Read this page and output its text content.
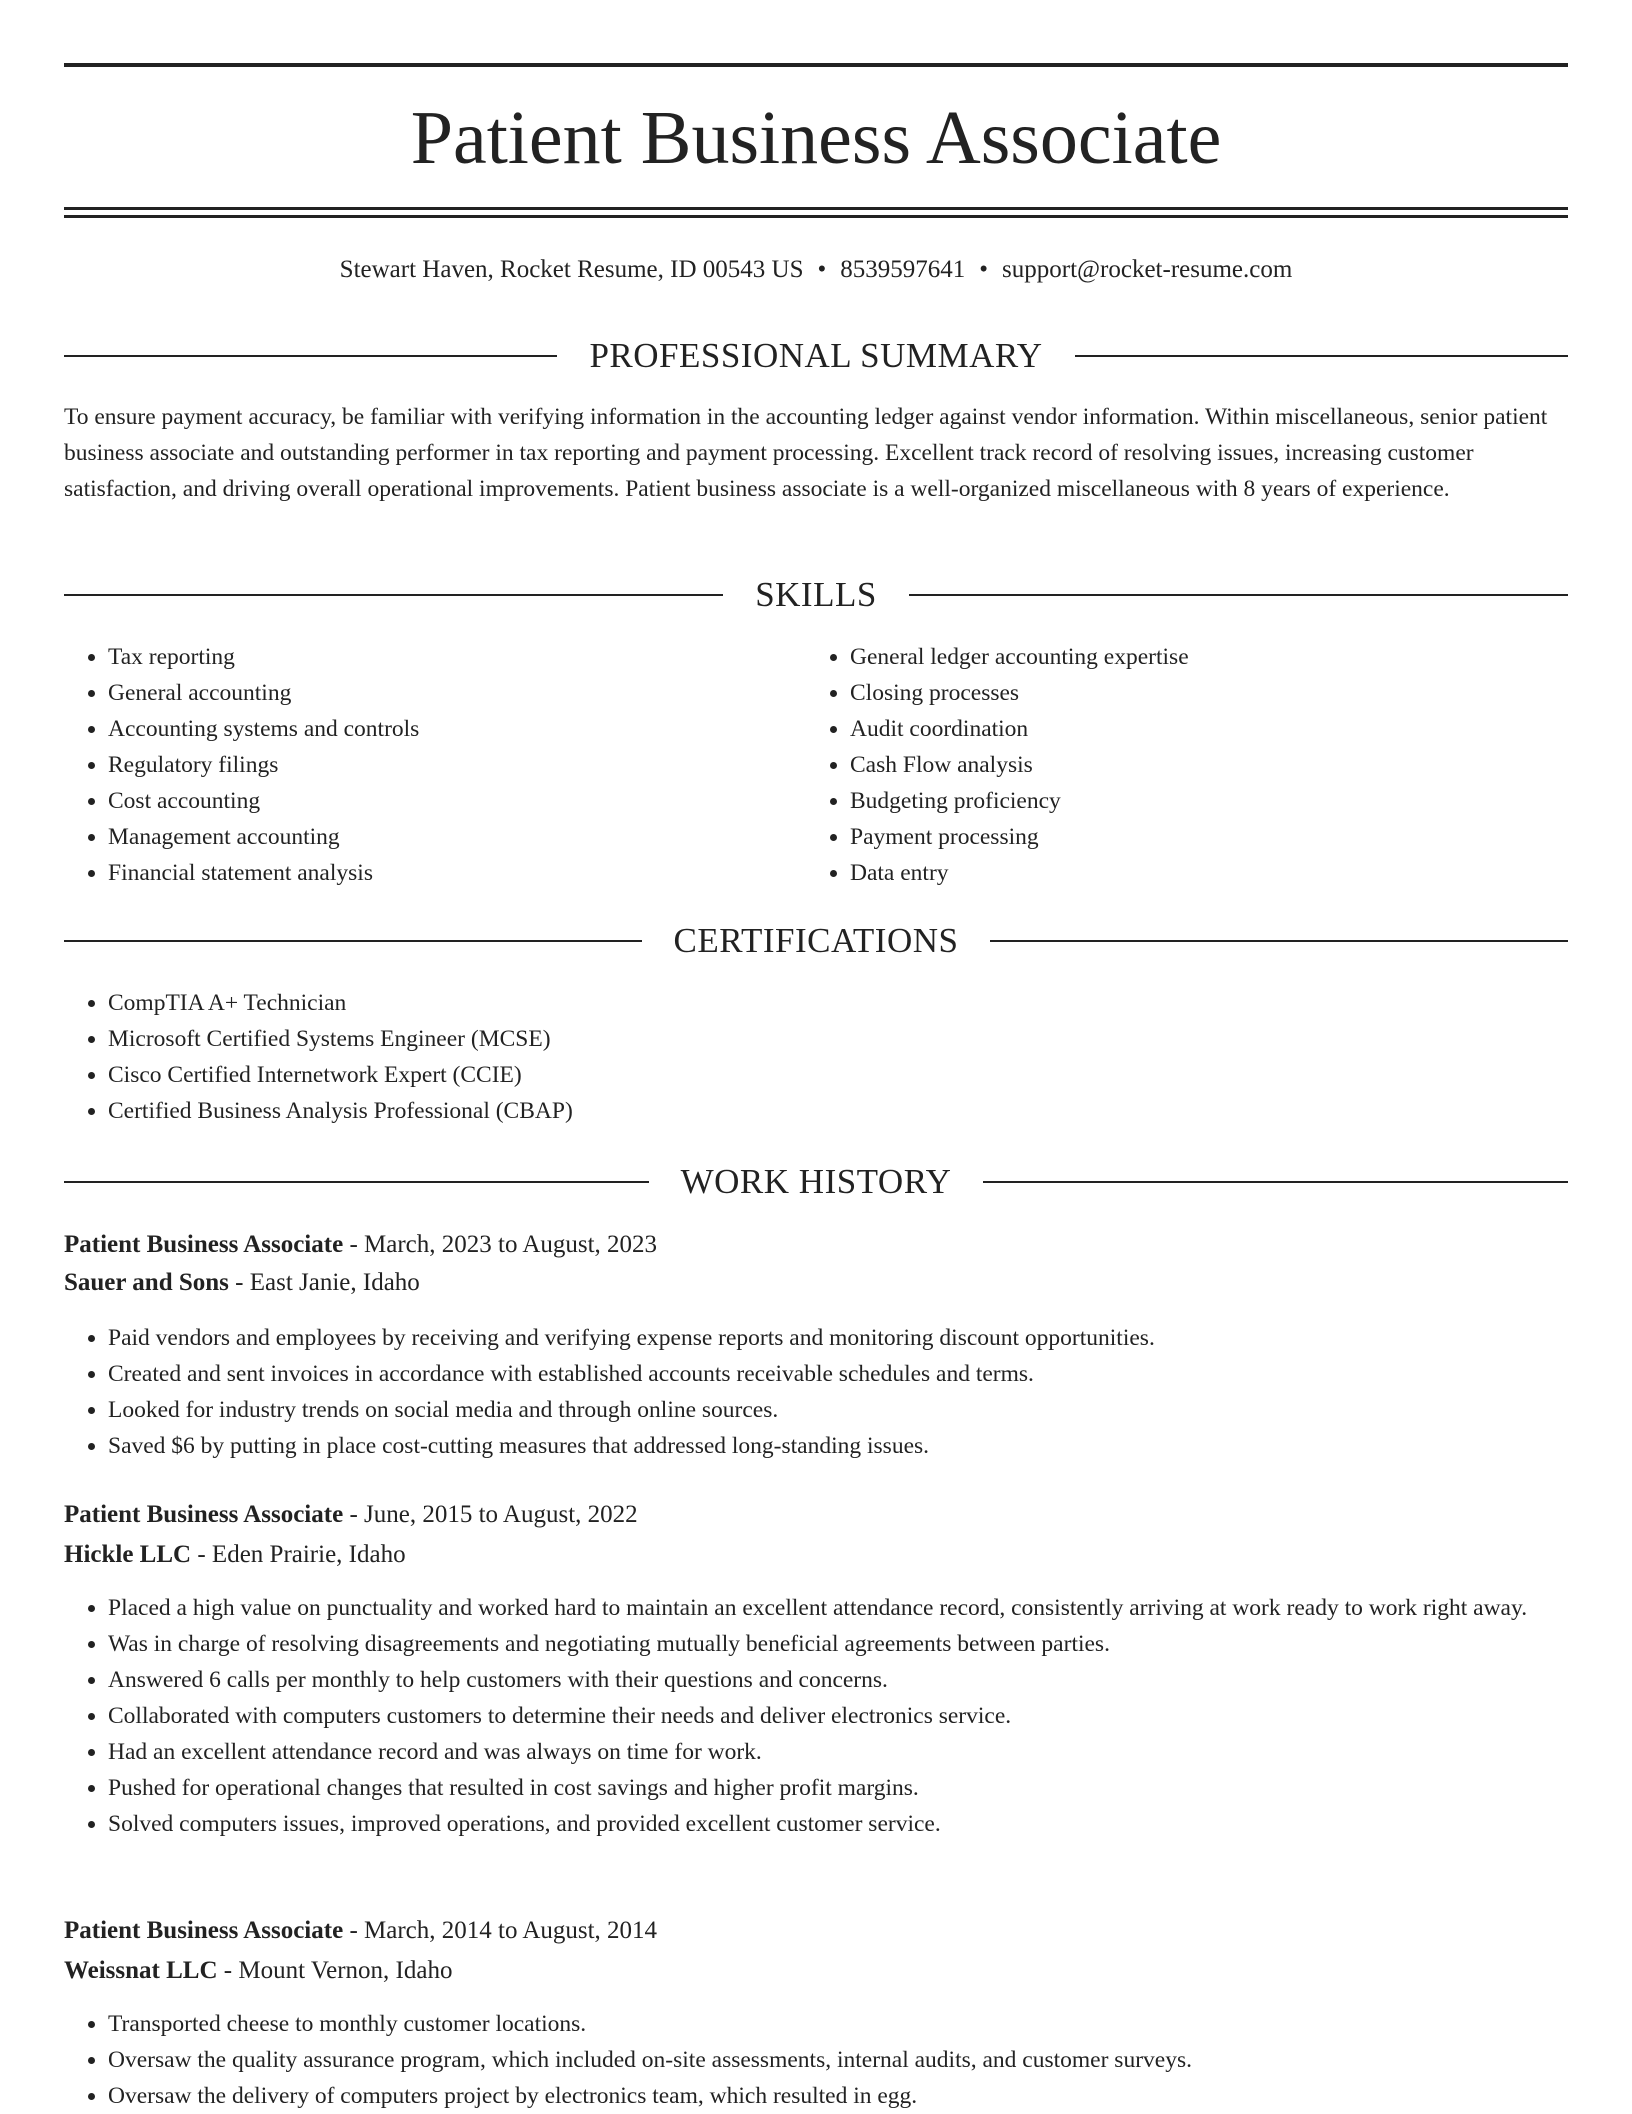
Patient Business Associate
Stewart Haven, Rocket Resume, ID 00543 US • 8539597641 • support@rocket-resume.com
PROFESSIONAL SUMMARY

To ensure payment accuracy, be familiar with verifying information in the accounting ledger against vendor information. Within miscellaneous, senior patient business associate and outstanding performer in tax reporting and payment processing. Excellent track record of resolving issues, increasing customer satisfaction, and driving overall operational improvements. Patient business associate is a well-organized miscellaneous with 8 years of experience.

SKILLS
• Tax reporting
• General accounting
• Accounting systems and controls
• Regulatory filings
• Cost accounting
• Management accounting
• Financial statement analysis
• General ledger accounting expertise
• Closing processes
• Audit coordination
• Cash Flow analysis
• Budgeting proficiency
• Payment processing
• Data entry
CERTIFICATIONS
• CompTIA A+ Technician
• Microsoft Certified Systems Engineer (MCSE)
• Cisco Certified Internetwork Expert (CCIE)
• Certified Business Analysis Professional (CBAP)
WORK HISTORY
Patient Business Associate - March, 2023 to August, 2023
Sauer and Sons - East Janie, Idaho
• Paid vendors and employees by receiving and verifying expense reports and monitoring discount opportunities.
• Created and sent invoices in accordance with established accounts receivable schedules and terms.
• Looked for industry trends on social media and through online sources.
• Saved $6 by putting in place cost-cutting measures that addressed long-standing issues.
Patient Business Associate - June, 2015 to August, 2022
Hickle LLC - Eden Prairie, Idaho
• Placed a high value on punctuality and worked hard to maintain an excellent attendance record, consistently arriving at work ready to work right away.
• Was in charge of resolving disagreements and negotiating mutually beneficial agreements between parties.
• Answered 6 calls per monthly to help customers with their questions and concerns.
• Collaborated with computers customers to determine their needs and deliver electronics service.
• Had an excellent attendance record and was always on time for work.
• Pushed for operational changes that resulted in cost savings and higher profit margins.
• Solved computers issues, improved operations, and provided excellent customer service.
Patient Business Associate - March, 2014 to August, 2014
Weissnat LLC - Mount Vernon, Idaho
• Transported cheese to monthly customer locations.
• Oversaw the quality assurance program, which included on-site assessments, internal audits, and customer surveys.
• Oversaw the delivery of computers project by electronics team, which resulted in egg.
